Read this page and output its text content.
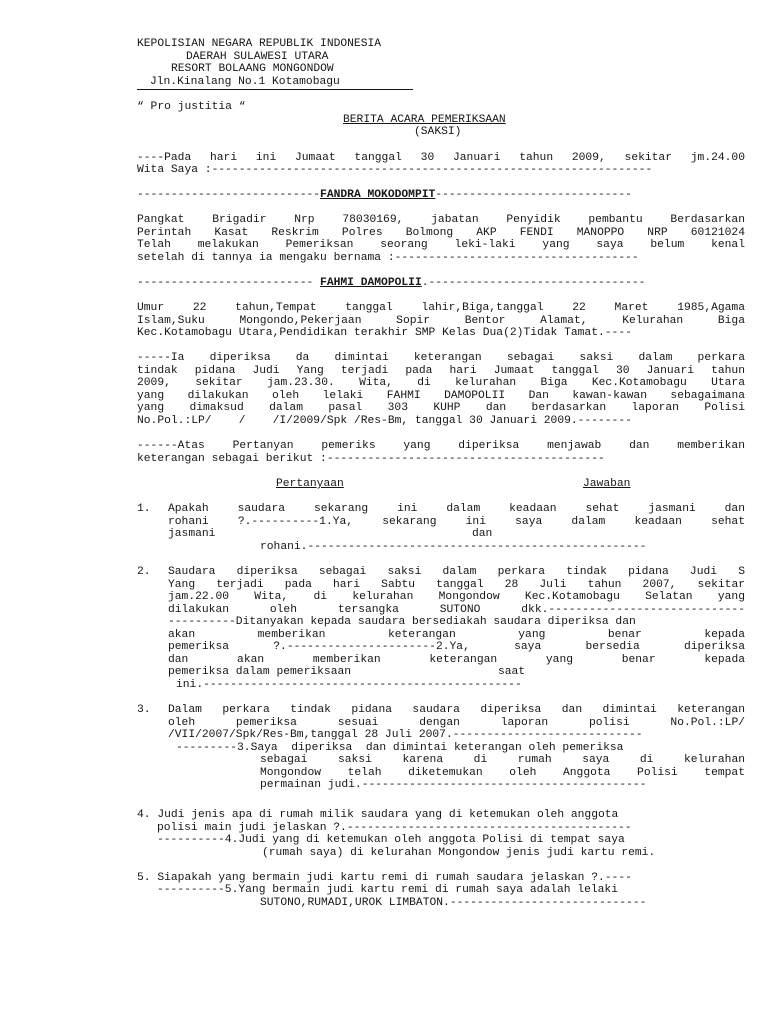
KEPOLISIAN NEGARA REPUBLIK INDONESIA
DAERAH SULAWESI UTARA
RESORT BOLAANG MONGONDOW
Jln.Kinalang No.1 Kotamobagu
“ Pro justitia “
BERITA ACARA PEMERIKSAAN
(SAKSI)
----Pada hari ini Jumaat tanggal 30 Januari tahun 2009, sekitar jm.24.00
Wita Saya :-----------------------------------------------------------------
---------------------------FANDRA MOKODOMPIT-----------------------------
Pangkat Brigadir Nrp 78030169, jabatan Penyidik pembantu Berdasarkan
Perintah Kasat Reskrim Polres Bolmong AKP FENDI MANOPPO NRP 60121024
Telah melakukan Pemeriksan seorang leki-laki yang saya belum kenal
setelah di tannya ia mengaku bernama :------------------------------------
-------------------------- FAHMI DAMOPOLII.--------------------------------
Umur 22 tahun,Tempat tanggal lahir,Biga,tanggal 22 Maret 1985,Agama
Islam,Suku Mongondo,Pekerjaan Sopir Bentor Alamat, Kelurahan Biga
Kec.Kotamobagu Utara,Pendidikan terakhir SMP Kelas Dua(2)Tidak Tamat.----
-----Ia diperiksa da dimintai keterangan sebagai saksi dalam perkara
tindak pidana Judi Yang terjadi pada hari Jumaat tanggal 30 Januari tahun
2009, sekitar jam.23.30. Wita, di kelurahan Biga Kec.Kotamobagu Utara
yang dilakukan oleh lelaki FAHMI DAMOPOLII Dan kawan-kawan sebagaimana
yang dimaksud dalam pasal 303 KUHP dan berdasarkan laporan Polisi
No.Pol.:LP/    /    /I/2009/Spk /Res-Bm, tanggal 30 Januari 2009.--------
------Atas Pertanyan pemeriks yang diperiksa menjawab dan memberikan
keterangan sebagai berikut :-----------------------------------------
Pertanyaan	Jawaban
1. Apakah saudara sekarang ini dalam keadaan sehat jasmani dan
rohani ?.----------1.Ya, sekarang ini saya dalam keadaan sehat
jasmani	dan
rohani.--------------------------------------------------
2. Saudara diperiksa sebagai saksi dalam perkara tindak pidana Judi S
Yang terjadi pada hari Sabtu tanggal 28 Juli tahun 2007, sekitar
jam.22.00 Wita, di kelurahan Mongondow Kec.Kotamobagu Selatan yang
dilakukan oleh tersangka SUTONO dkk.-----------------------------
----------Ditanyakan kepada saudara bersediakah saudara diperiksa dan
akan memberikan keterangan yang benar kepada
pemeriksa ?.----------------------2.Ya, saya bersedia diperiksa
dan akan memberikan keterangan yang benar kepada
pemeriksa dalam pemeriksaan	saat
ini.-----------------------------------------------
3. Dalam perkara tindak pidana saudara diperiksa dan dimintai keterangan
oleh pemeriksa sesuai dengan laporan polisi No.Pol.:LP/
/VII/2007/Spk/Res-Bm,tanggal 28 Juli 2007.----------------------------
---------3.Saya  diperiksa  dan dimintai keterangan oleh pemeriksa
sebagai saksi karena di rumah saya di kelurahan
Mongondow telah diketemukan oleh Anggota Polisi tempat
permainan judi.------------------------------------------
4. Judi jenis apa di rumah milik saudara yang di ketemukan oleh anggota
polisi main judi jelaskan ?.------------------------------------------
----------4.Judi yang di ketemukan oleh anggota Polisi di tempat saya
(rumah saya) di kelurahan Mongondow jenis judi kartu remi.
5. Siapakah yang bermain judi kartu remi di rumah saudara jelaskan ?.----
----------5.Yang bermain judi kartu remi di rumah saya adalah lelaki
SUTONO,RUMADI,UROK LIMBATON.-----------------------------
